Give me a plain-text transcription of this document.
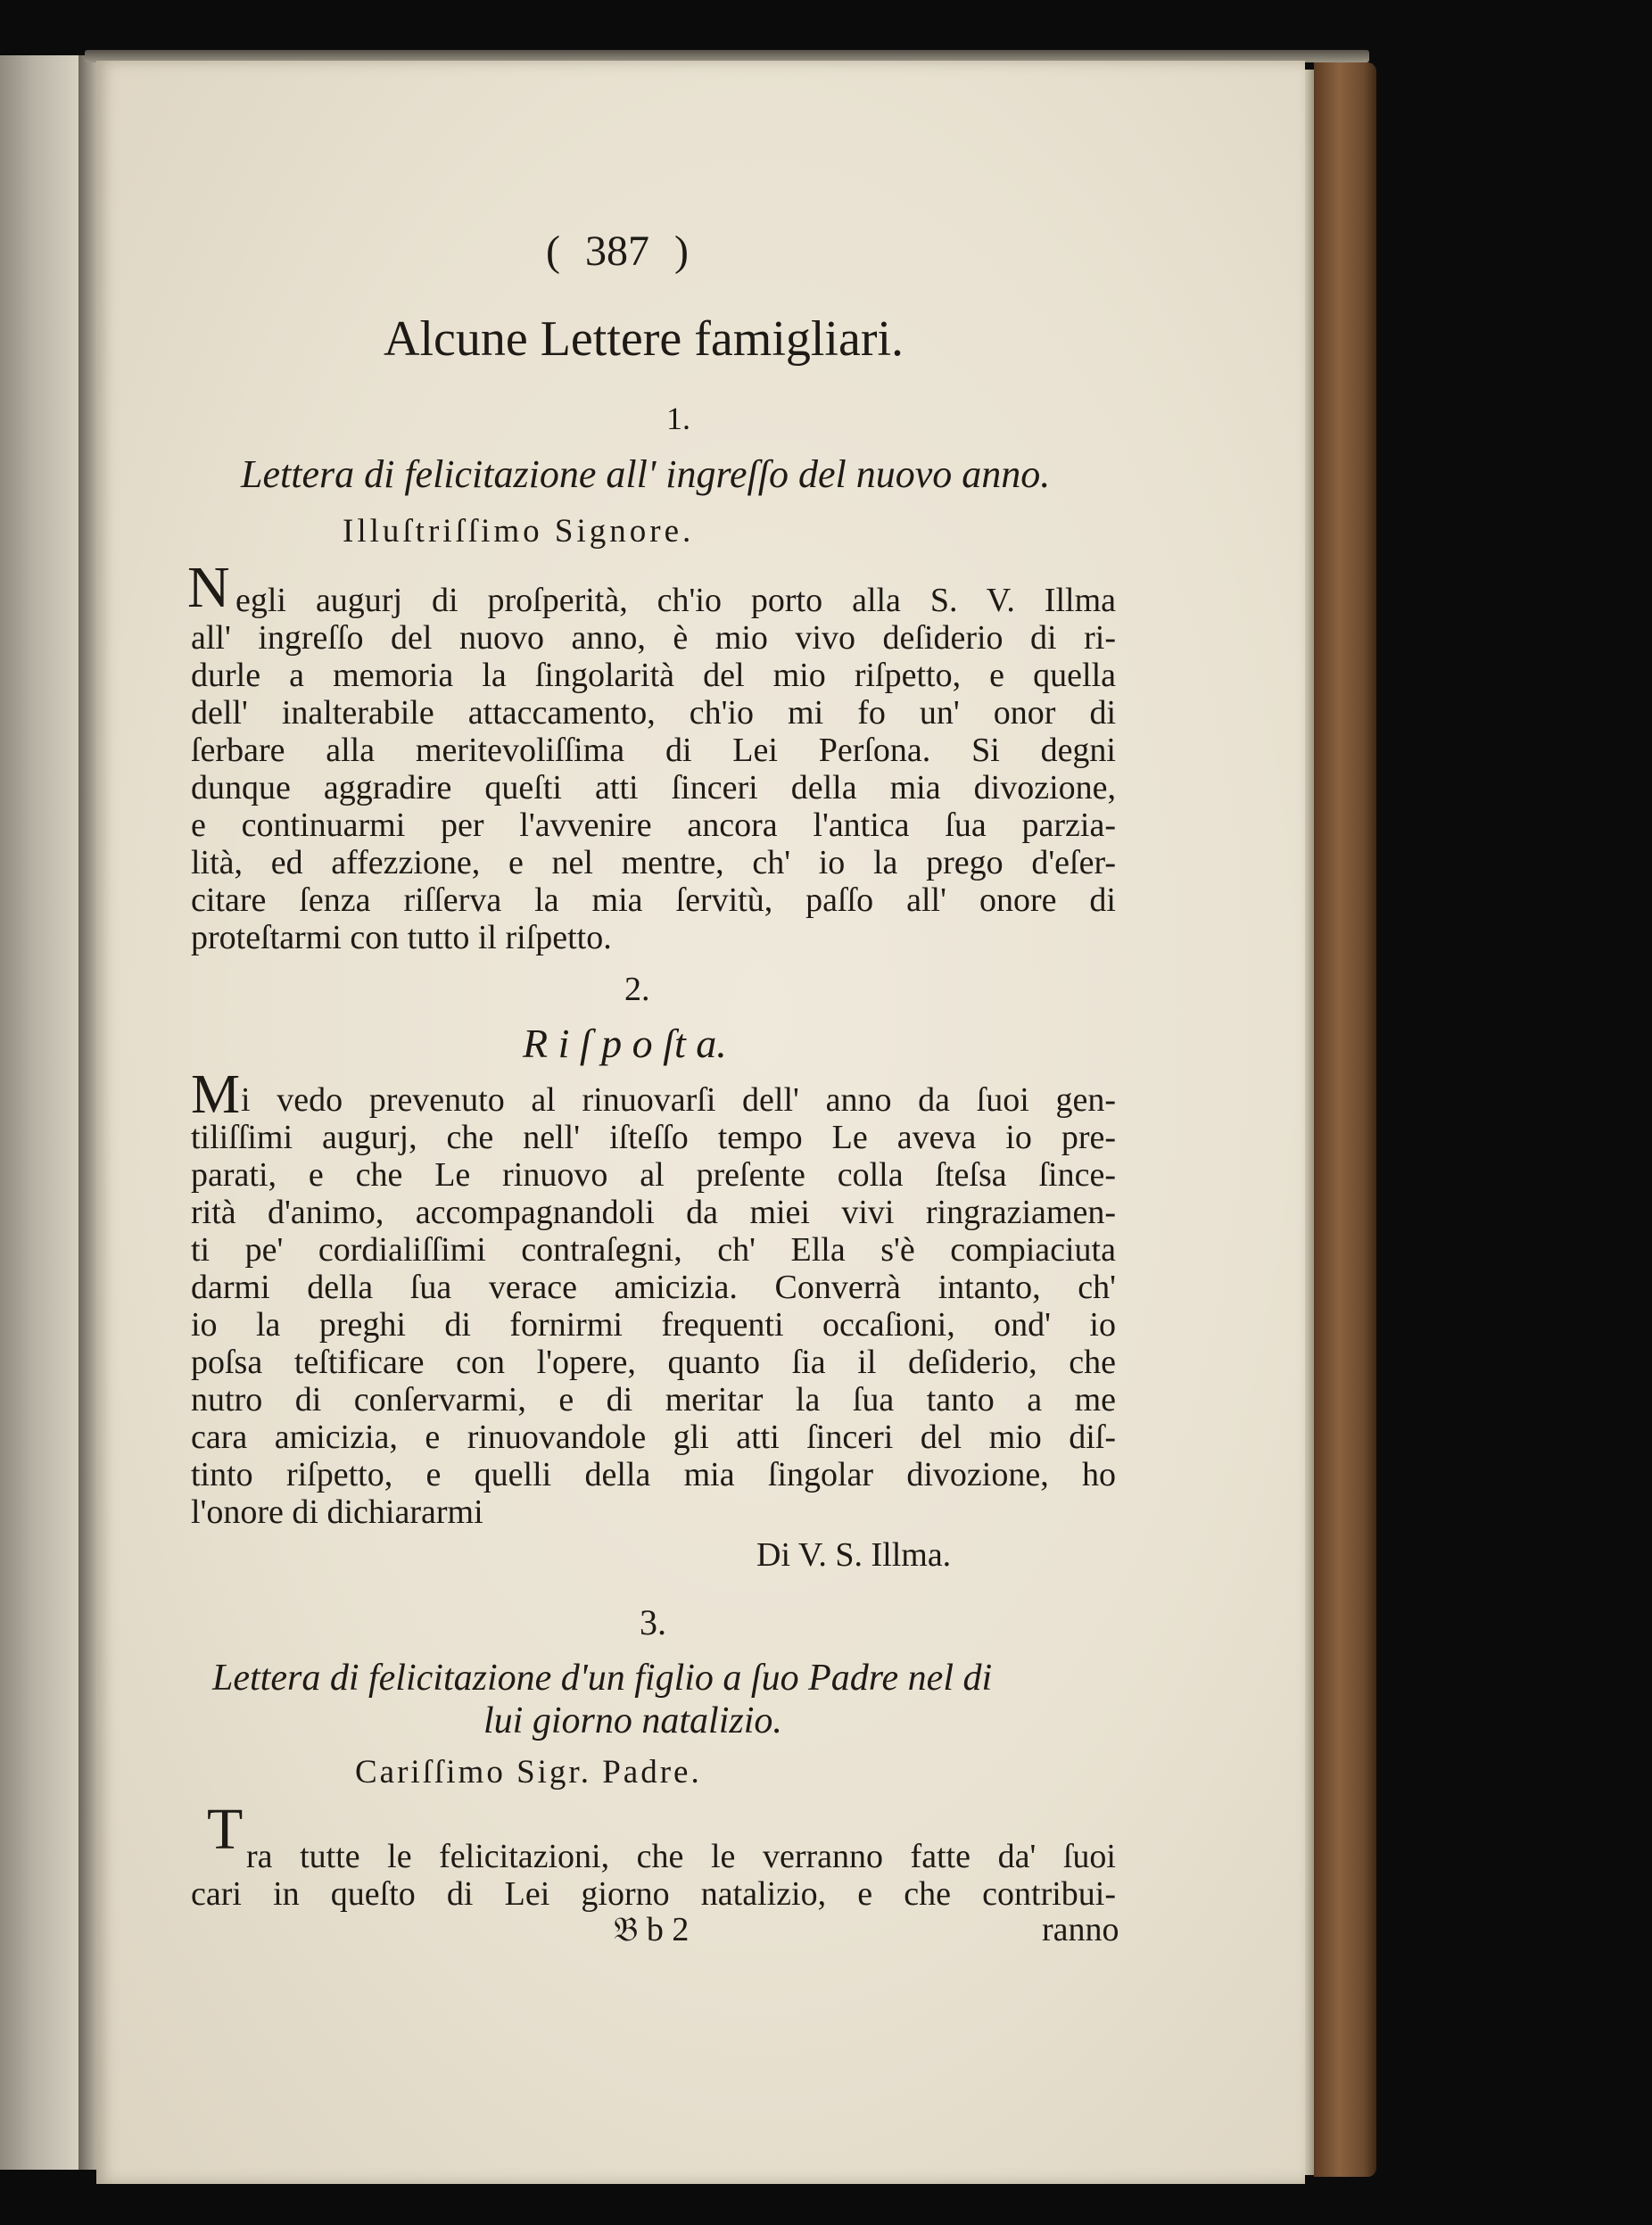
( 387 )
Alcune Lettere famigliari.
1.
Lettera di felicitazione all' ingreſſo del nuovo anno.
Illuſtriſſimo Signore.
N egli augurj di proſperità, ch'io porto alla S. V. Illma
all' ingreſſo del nuovo anno, è mio vivo deſiderio di ri-
durle a memoria la ſingolarità del mio riſpetto, e quella
dell' inalterabile attaccamento, ch'io mi fo un' onor di
ſerbare alla meritevoliſſima di Lei Perſona. Si degni
dunque aggradire queſti atti ſinceri della mia divozione,
e continuarmi per l'avvenire ancora l'antica ſua parzia-
lità, ed affezzione, e nel mentre, ch' io la prego d'eſer-
citare ſenza riſſerva la mia ſervitù, paſſo all' onore di
proteſtarmi con tutto il riſpetto.
2.
R i ſ p o ſt a.
M i vedo prevenuto al rinuovarſi dell' anno da ſuoi gen-
tiliſſimi augurj, che nell' iſteſſo tempo Le aveva io pre-
parati, e che Le rinuovo al preſente colla ſteſsa ſince-
rità d'animo, accompagnandoli da miei vivi ringraziamen-
ti pe' cordialiſſimi contraſegni, ch' Ella s'è compiaciuta
darmi della ſua verace amicizia. Converrà intanto, ch'
io la preghi di fornirmi frequenti occaſioni, ond' io
poſsa teſtificare con l'opere, quanto ſia il deſiderio, che
nutro di conſervarmi, e di meritar la ſua tanto a me
cara amicizia, e rinuovandole gli atti ſinceri del mio diſ-
tinto riſpetto, e quelli della mia ſingolar divozione, ho
l'onore di dichiararmi
Di V. S. Illma.
3.
Lettera di felicitazione d'un figlio a ſuo Padre nel di
lui giorno natalizio.
Cariſſimo Sigr. Padre.
T ra tutte le felicitazioni, che le verranno fatte da' ſuoi
cari in queſto di Lei giorno natalizio, e che contribui-
𝔅 b 2	ranno
